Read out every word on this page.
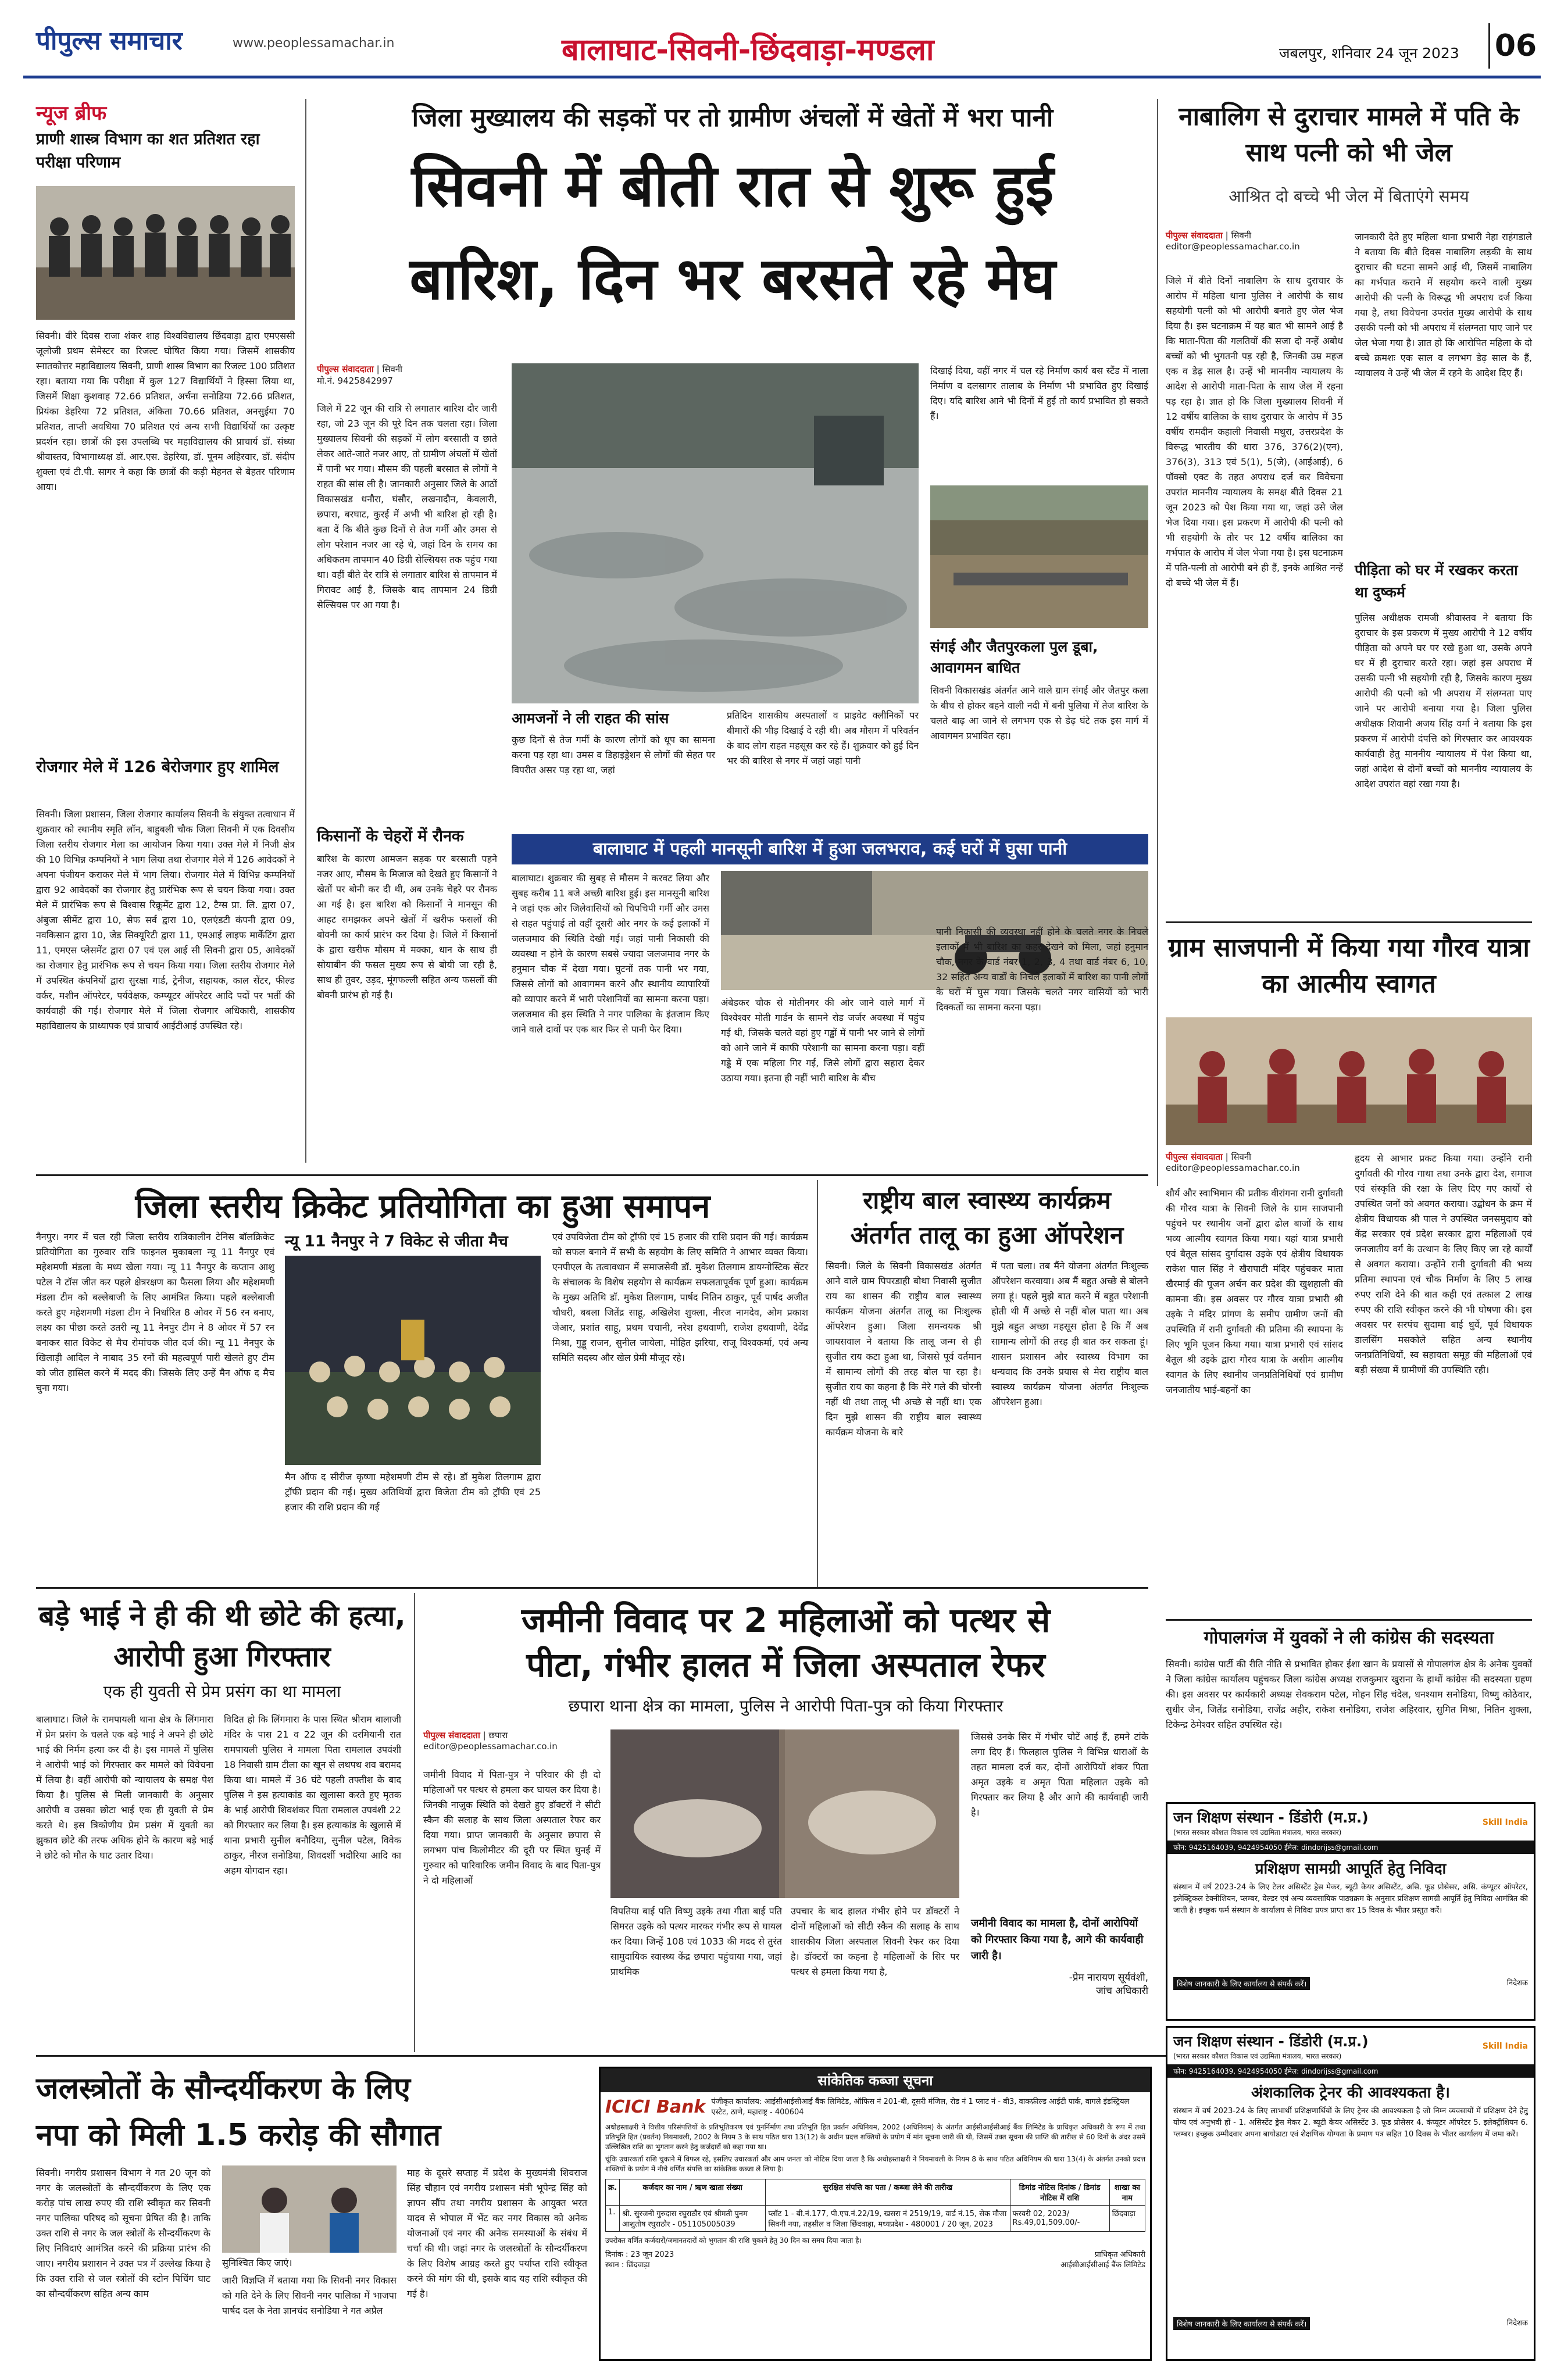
पीपुल्स समाचार	www.peoplessamachar.in	बालाघाट-सिवनी-छिंदवाड़ा-मण्डला	जबलपुर, शनिवार 24 जून 2023 06
न्यूज ब्रीफ
प्राणी शास्त्र विभाग का शत प्रतिशत रहा परीक्षा परिणाम
सिवनी। वीरे दिवस राजा शंकर शाह विश्वविद्यालय छिंदवाड़ा द्वारा एमएससी जूलोजी प्रथम सेमेस्टर का रिजल्ट घोषित किया गया। जिसमें शासकीय स्नातकोत्तर महाविद्यालय सिवनी, प्राणी शास्त्र विभाग का रिजल्ट 100 प्रतिशत रहा। बताया गया कि परीक्षा में कुल 127 विद्यार्थियों ने हिस्सा लिया था, जिसमें शिक्षा कुशवाह 72.66 प्रतिशत, अर्चना सनोडिया 72.66 प्रतिशत, प्रियंका डेहरिया 72 प्रतिशत, अंकिता 70.66 प्रतिशत, अनसुईया 70 प्रतिशत, ताप्ती अवधिया 70 प्रतिशत एवं अन्य सभी विद्यार्थियों का उत्कृष्ट प्रदर्शन रहा। छात्रों की इस उपलब्धि पर महाविद्यालय की प्राचार्य डॉ. संध्या श्रीवास्तव, विभागाध्यक्ष डॉ. आर.एस. डेहरिया, डॉ. पूनम अहिरवार, डॉ. संदीप शुक्ला एवं टी.पी. सागर ने कहा कि छात्रों की कड़ी मेहनत से बेहतर परिणाम आया।
रोजगार मेले में 126 बेरोजगार हुए शामिल
सिवनी। जिला प्रशासन, जिला रोजगार कार्यालय सिवनी के संयुक्त तत्वाधान में शुक्रवार को स्थानीय स्मृति लॉन, बाहुबली चौक जिला सिवनी में एक दिवसीय जिला स्तरीय रोजगार मेला का आयोजन किया गया। उक्त मेले में निजी क्षेत्र की 10 विभिन्न कम्पनियों ने भाग लिया तथा रोजगार मेले में 126 आवेदकों ने अपना पंजीयन कराकर मेले में भाग लिया। रोजगार मेले में विभिन्न कम्पनियों द्वारा 92 आवेदकों का रोजगार हेतु प्रारंभिक रूप से चयन किया गया। उक्त मेले में प्रारंभिक रूप से विश्वास रिक्रूमेंट द्वारा 12, टैग्स प्रा. लि. द्वारा 07, अंबुजा सीमेंट द्वारा 10, सेफ सर्व द्वारा 10, एलएंडटी कंपनी द्वारा 09, नवकिसान द्वारा 10, जेड सिक्यूरिटी द्वारा 11, एमआई लाइफ मार्केटिंग द्वारा 11, एमएस प्लेसमेंट द्वारा 07 एवं एल आई सी सिवनी द्वारा 05, आवेदकों का रोजगार हेतु प्रारंभिक रूप से चयन किया गया। जिला स्तरीय रोजगार मेले में उपस्थित कंपनियों द्वारा सुरक्षा गार्ड, ट्रेनीज, सहायक, काल सेंटर, फील्ड वर्कर, मशीन ऑपरेटर, पर्यवेक्षक, कम्प्यूटर ऑपरेटर आदि पदों पर भर्ती की कार्यवाही की गई। रोजगार मेले में जिला रोजगार अधिकारी, शासकीय महाविद्यालय के प्राध्यापक एवं प्राचार्य आईटीआई उपस्थित रहे।
जिला मुख्यालय की सड़कों पर तो ग्रामीण अंचलों में खेतों में भरा पानी
सिवनी में बीती रात से शुरू हुई
बारिश, दिन भर बरसते रहे मेघ
पीपुल्स संवाददाता | सिवनी
मो.नं. 9425842997
जिले में 22 जून की रात्रि से लगातार बारिश दौर जारी रहा, जो 23 जून की पूरे दिन तक चलता रहा। जिला मुख्यालय सिवनी की सड़कों में लोग बरसाती व छाते लेकर आते-जाते नजर आए, तो ग्रामीण अंचलों में खेतों में पानी भर गया। मौसम की पहली बरसात से लोगों ने राहत की सांस ली है। जानकारी अनुसार जिले के आठों विकासखंड धनौरा, घंसौर, लखनादौन, केवलारी, छपारा, बरघाट, कुरई में अभी भी बारिश हो रही है। बता दें कि बीते कुछ दिनों से तेज गर्मी और उमस से लोग परेशान नजर आ रहे थे, जहां दिन के समय का अधिकतम तापमान 40 डिग्री सेल्सियस तक पहुंच गया था। वहीं बीते देर रात्रि से लगातार बारिश से तापमान में गिरावट आई है, जिसके बाद तापमान 24 डिग्री सेल्सियस पर आ गया है।
किसानों के चेहरों में रौनक
बारिश के कारण आमजन सड़क पर बरसाती पहने नजर आए, मौसम के मिजाज को देखते हुए किसानों ने खेतों पर बोनी कर दी थी, अब उनके चेहरे पर रौनक आ गई है। इस बारिश को किसानों ने मानसून की आहट समझकर अपने खेतों में खरीफ फसलों की बोवनी का कार्य प्रारंभ कर दिया है। जिले में किसानों के द्वारा खरीफ मौसम में मक्का, धान के साथ ही सोयाबीन की फसल मुख्य रूप से बोयी जा रही है, साथ ही तुवर, उड़द, मूंगफल्ली सहित अन्य फसलों की बोवनी प्रारंभ हो गई है।
आमजनों ने ली राहत की सांस
कुछ दिनों से तेज गर्मी के कारण लोगों को धूप का सामना करना पड़ रहा था। उमस व डिहाइड्रेशन से लोगों की सेहत पर विपरीत असर पड़ रहा था, जहां
प्रतिदिन शासकीय अस्पतालों व प्राइवेट क्लीनिकों पर बीमारों की भीड़ दिखाई दे रही थी। अब मौसम में परिवर्तन के बाद लोग राहत महसूस कर रहे हैं। शुक्रवार को हुई दिन भर की बारिश से नगर में जहां जहां पानी
दिखाई दिया, वहीं नगर में चल रहे निर्माण कार्य बस स्टैंड में नाला निर्माण व दलसागर तालाब के निर्माण भी प्रभावित हुए दिखाई दिए। यदि बारिश आने भी दिनों में हुई तो कार्य प्रभावित हो सकते हैं।
संगई और जैतपुरकला पुल डूबा, आवागमन बाधित
सिवनी विकासखंड अंतर्गत आने वाले ग्राम संगई और जैतपुर कला के बीच से होकर बहने वाली नदी में बनी पुलिया में तेज बारिश के चलते बाढ़ आ जाने से लगभग एक से डेढ़ घंटे तक इस मार्ग में आवागमन प्रभावित रहा।
बालाघाट में पहली मानसूनी बारिश में हुआ जलभराव, कई घरों में घुसा पानी
बालाघाट। शुक्रवार की सुबह से मौसम ने करवट लिया और सुबह करीब 11 बजे अच्छी बारिश हुई। इस मानसूनी बारिश ने जहां एक ओर जिलेवासियों को चिपचिपी गर्मी और उमस से राहत पहुंचाई तो वहीं दूसरी ओर नगर के कई इलाकों में जलजमाव की स्थिति देखी गई। जहां पानी निकासी की व्यवस्था न होने के कारण सबसे ज्यादा जलजमाव नगर के हनुमान चौक में देखा गया। घुटनों तक पानी भर गया, जिससे लोगों को आवागमन करने और स्थानीय व्यापारियों को व्यापार करने में भारी परेशानियों का सामना करना पड़ा। जलजमाव की इस स्थिति ने नगर पालिका के इंतजाम किए जाने वाले दावों पर एक बार फिर से पानी फेर दिया।
अंबेडकर चौक से मोतीनगर की ओर जाने वाले मार्ग में विश्वेश्वर मोती गार्डन के सामने रोड जर्जर अवस्था में पहुंच गई थी, जिसके चलते वहां हुए गड्ढों में पानी भर जाने से लोगों को आने जाने में काफी परेशानी का सामना करना पड़ा। वहीं गड्ढे में एक महिला गिर गई, जिसे लोगों द्वारा सहारा देकर उठाया गया। इतना ही नहीं भारी बारिश के बीच
पानी निकासी की व्यवस्था नहीं होने के चलते नगर के निचले इलाकों में भी बारिश का कहर देखने को मिला, जहां हनुमान चौक, नगर के वार्ड नंबर 1, 2, 3, 4 तथा वार्ड नंबर 6, 10, 32 सहित अन्य वार्डों के निचले इलाकों में बारिश का पानी लोगों के घरों में घुस गया। जिसके चलते नगर वासियों को भारी दिक्कतों का सामना करना पड़ा।
नाबालिग से दुराचार मामले में पति के साथ पत्नी को भी जेल
आश्रित दो बच्चे भी जेल में बिताएंगे समय
पीपुल्स संवाददाता | सिवनी
editor@peoplessamachar.co.in
जिले में बीते दिनों नाबालिग के साथ दुराचार के आरोप में महिला थाना पुलिस ने आरोपी के साथ सहयोगी पत्नी को भी आरोपी बनाते हुए जेल भेज दिया है। इस घटनाक्रम में यह बात भी सामने आई है कि माता-पिता की गलतियों की सजा दो नन्हें अबोध बच्चों को भी भुगतनी पड़ रही है, जिनकी उम्र महज एक व डेढ़ साल है। उन्हें भी माननीय न्यायालय के आदेश से आरोपी माता-पिता के साथ जेल में रहना पड़ रहा है। ज्ञात हो कि जिला मुख्यालय सिवनी में 12 वर्षीय बालिका के साथ दुराचार के आरोप में 35 वर्षीय रामदीन कहाली निवासी मथुरा, उत्तरप्रदेश के विरूद्ध भारतीय की धारा 376, 376(2)(एन), 376(3), 313 एवं 5(1), 5(जे), (आईआई), 6 पॉक्सो एक्ट के तहत अपराध दर्ज कर विवेचना उपरांत माननीय न्यायालय के समक्ष बीते दिवस 21 जून 2023 को पेश किया गया था, जहां उसे जेल भेज दिया गया। इस प्रकरण में आरोपी की पत्नी को भी सहयोगी के तौर पर 12 वर्षीय बालिका का गर्भपात के आरोप में जेल भेजा गया है। इस घटनाक्रम में पति-पत्नी तो आरोपी बने ही हैं, इनके आश्रित नन्हें दो बच्चे भी जेल में हैं।
जानकारी देते हुए महिला थाना प्रभारी नेहा राहंगडाले ने बताया कि बीते दिवस नाबालिग लड़की के साथ दुराचार की घटना सामने आई थी, जिसमें नाबालिग का गर्भपात कराने में सहयोग करने वाली मुख्य आरोपी की पत्नी के विरूद्ध भी अपराध दर्ज किया गया है, तथा विवेचना उपरांत मुख्य आरोपी के साथ उसकी पत्नी को भी अपराध में संलग्नता पाए जाने पर जेल भेजा गया है। ज्ञात हो कि आरोपित महिला के दो बच्चे क्रमशः एक साल व लगभग डेढ़ साल के हैं, न्यायालय ने उन्हें भी जेल में रहने के आदेश दिए हैं।
पीड़िता को घर में रखकर करता था दुष्कर्म
पुलिस अधीक्षक रामजी श्रीवास्तव ने बताया कि दुराचार के इस प्रकरण में मुख्य आरोपी ने 12 वर्षीय पीड़िता को अपने घर पर रखे हुआ था, उसके अपने घर में ही दुराचार करते रहा। जहां इस अपराध में उसकी पत्नी भी सहयोगी रही है, जिसके कारण मुख्य आरोपी की पत्नी को भी अपराध में संलग्नता पाए जाने पर आरोपी बनाया गया है। जिला पुलिस अधीक्षक शिवानी अजय सिंह वर्मा ने बताया कि इस प्रकरण में आरोपी दंपत्ति को गिरफ्तार कर आवश्यक कार्यवाही हेतु माननीय न्यायालय में पेश किया था, जहां आदेश से दोनों बच्चों को माननीय न्यायालय के आदेश उपरांत वहां रखा गया है।
ग्राम साजपानी में किया गया गौरव यात्रा का आत्मीय स्वागत
पीपुल्स संवाददाता | सिवनी
editor@peoplessamachar.co.in
शौर्य और स्वाभिमान की प्रतीक वीरांगना रानी दुर्गावती की गौरव यात्रा के सिवनी जिले के ग्राम साजपानी पहुंचने पर स्थानीय जनों द्वारा ढोल बाजों के साथ भव्य आत्मीय स्वागत किया गया। यहां यात्रा प्रभारी एवं बैतूल सांसद दुर्गादास उइके एवं क्षेत्रीय विधायक राकेश पाल सिंह ने खैरापाटी मंदिर पहुंचकर माता खैरमाई की पूजन अर्चन कर प्रदेश की खुशहाली की कामना की। इस अवसर पर गौरव यात्रा प्रभारी श्री उइके ने मंदिर प्रांगण के समीप ग्रामीण जनों की उपस्थिति में रानी दुर्गावती की प्रतिमा की स्थापना के लिए भूमि पूजन किया गया। यात्रा प्रभारी एवं सांसद बैतूल श्री उइके द्वारा गौरव यात्रा के असीम आत्मीय स्वागत के लिए स्थानीय जनप्रतिनिधियों एवं ग्रामीण जनजातीय भाई-बहनों का
हृदय से आभार प्रकट किया गया। उन्होंने रानी दुर्गावती की गौरव गाथा तथा उनके द्वारा देश, समाज एवं संस्कृति की रक्षा के लिए दिए गए कार्यों से उपस्थित जनों को अवगत कराया। उद्बोधन के क्रम में क्षेत्रीय विधायक श्री पाल ने उपस्थित जनसमुदाय को केंद्र सरकार एवं प्रदेश सरकार द्वारा महिलाओं एवं जनजातीय वर्ग के उत्थान के लिए किए जा रहे कार्यों से अवगत कराया। उन्होंने रानी दुर्गावती की भव्य प्रतिमा स्थापना एवं चौक निर्माण के लिए 5 लाख रुपए राशि देने की बात कही एवं तत्काल 2 लाख रुपए की राशि स्वीकृत करने की भी घोषणा की। इस अवसर पर सरपंच सुदामा बाई धुर्वे, पूर्व विधायक डालसिंग मसकोले सहित अन्य स्थानीय जनप्रतिनिधियों, स्व सहायता समूह की महिलाओं एवं बड़ी संख्या में ग्रामीणों की उपस्थिति रही।
गोपालगंज में युवकों ने ली कांग्रेस की सदस्यता
सिवनी। कांग्रेस पार्टी की रीति नीति से प्रभावित होकर ईशा खान के प्रयासों से गोपालगंज क्षेत्र के अनेक युवकों ने जिला कांग्रेस कार्यालय पहुंचकर जिला कांग्रेस अध्यक्ष राजकुमार खुराना के हाथों कांग्रेस की सदस्यता ग्रहण की। इस अवसर पर कार्यकारी अध्यक्ष सेवकराम पटेल, मोहन सिंह चंदेल, धनश्याम सनोडिया, विष्णु कोठेवार, सुधीर जैन, जितेंद्र सनोडिया, राजेंद्र अहीर, राकेश सनोडिया, राजेश अहिरवार, सुमित मिश्रा, नितिन शुक्ला, टिकेन्द्र ठेमेश्वर सहित उपस्थित रहे।
जिला स्तरीय क्रिकेट प्रतियोगिता का हुआ समापन
नैनपुर। नगर में चल रही जिला स्तरीय रात्रिकालीन टेनिस बॉलक्रिकेट प्रतियोगिता का गुरुवार रात्रि फाइनल मुकाबला न्यू 11 नैनपुर एवं महेशमणी मंडला के मध्य खेला गया। न्यू 11 नैनपुर के कप्तान आशु पटेल ने टॉस जीत कर पहले क्षेत्ररक्षण का फैसला लिया और महेशमणी मंडला टीम को बल्लेबाजी के लिए आमंत्रित किया। पहले बल्लेबाजी करते हुए महेशमणी मंडला टीम ने निर्धारित 8 ओवर में 56 रन बनाए, लक्ष्य का पीछा करते उतरी न्यू 11 नैनपुर टीम ने 8 ओवर में 57 रन बनाकर सात विकेट से मैच रोमांचक जीत दर्ज की। न्यू 11 नैनपुर के खिलाड़ी आदिल ने नाबाद 35 रनों की महत्वपूर्ण पारी खेलते हुए टीम को जीत हासिल करने में मदद की। जिसके लिए उन्हें मैन ऑफ द मैच चुना गया।
न्यू 11 नैनपुर ने 7 विकेट से जीता मैच
मैन ऑफ द सीरीज कृष्णा महेशमणी टीम से रहे। डॉ मुकेश तिलगाम द्वारा ट्रॉफी प्रदान की गई। मुख्य अतिथियों द्वारा विजेता टीम को ट्रॉफी एवं 25 हजार की राशि प्रदान की गई
एवं उपविजेता टीम को ट्रॉफी एवं 15 हजार की राशि प्रदान की गई। कार्यक्रम को सफल बनाने में सभी के सहयोग के लिए समिति ने आभार व्यक्त किया। एनपीएल के तत्वावधान में समाजसेवी डॉ. मुकेश तिलगाम डायग्नोस्टिक सेंटर के संचालक के विशेष सहयोग से कार्यक्रम सफलतापूर्वक पूर्ण हुआ। कार्यक्रम के मुख्य अतिथि डॉ. मुकेश तिलगाम, पार्षद नितिन ठाकुर, पूर्व पार्षद अजीत चौधरी, बबला जितेंद्र साहू, अखिलेश शुक्ला, नीरज नामदेव, ओम प्रकाश जेआर, प्रशांत साहू, प्रथम चचानी, नरेश हथवाणी, राजेश हथवाणी, देवेंद्र मिश्रा, गुड्डू राजन, सुनील जायेला, मोहित झरिया, राजू विश्वकर्मा, एवं अन्य समिति सदस्य और खेल प्रेमी मौजूद रहे।
राष्ट्रीय बाल स्वास्थ्य कार्यक्रम
अंतर्गत तालू का हुआ ऑपरेशन
सिवनी। जिले के सिवनी विकासखंड अंतर्गत आने वाले ग्राम पिपरडाही बोथा निवासी सुजीत राय का शासन की राष्ट्रीय बाल स्वास्थ्य कार्यक्रम योजना अंतर्गत तालू का निःशुल्क ऑपरेशन हुआ। जिला समन्वयक श्री जायसवाल ने बताया कि तालू जन्म से ही सुजीत राय कटा हुआ था, जिससे पूर्व वर्तमान में सामान्य लोगों की तरह बोल पा रहा है। सुजीत राय का कहना है कि मेरे गले की चोरनी नहीं थी तथा तालू भी अच्छे से नहीं था। एक दिन मुझे शासन की राष्ट्रीय बाल स्वास्थ्य कार्यक्रम योजना के बारे
में पता चला। तब मैंने योजना अंतर्गत निःशुल्क ऑपरेशन करवाया। अब मैं बहुत अच्छे से बोलने लगा हूं। पहले मुझे बात करने में बहुत परेशानी होती थी मैं अच्छे से नहीं बोल पाता था। अब मुझे बहुत अच्छा महसूस होता है कि मैं अब सामान्य लोगों की तरह ही बात कर सकता हूं। शासन प्रशासन और स्वास्थ्य विभाग का धन्यवाद कि उनके प्रयास से मेरा राष्ट्रीय बाल स्वास्थ्य कार्यक्रम योजना अंतर्गत निःशुल्क ऑपरेशन हुआ।
बड़े भाई ने ही की थी छोटे की हत्या, आरोपी हुआ गिरफ्तार
एक ही युवती से प्रेम प्रसंग का था मामला
बालाघाट। जिले के रामपायली थाना क्षेत्र के लिंगमारा में प्रेम प्रसंग के चलते एक बड़े भाई ने अपने ही छोटे भाई की निर्मम हत्या कर दी है। इस मामले में पुलिस ने आरोपी भाई को गिरफ्तार कर मामले को विवेचना में लिया है। वहीं आरोपी को न्यायालय के समक्ष पेश किया है। पुलिस से मिली जानकारी के अनुसार आरोपी व उसका छोटा भाई एक ही युवती से प्रेम करते थे। इस त्रिकोणीय प्रेम प्रसंग में युवती का झुकाव छोटे की तरफ अधिक होने के कारण बड़े भाई ने छोटे को मौत के घाट उतार दिया।
विदित हो कि लिंगमारा के पास स्थित श्रीराम बालाजी मंदिर के पास 21 व 22 जून की दरमियानी रात रामपायली पुलिस ने मामला पिता रामलाल उपवंशी 18 निवासी ग्राम टीला का खून से लथपथ शव बरामद किया था। मामले में 36 घंटे पहली तफ्तीश के बाद पुलिस ने इस हत्याकांड का खुलासा करते हुए मृतक के भाई आरोपी शिवशंकर पिता रामलाल उपवंशी 22 को गिरफ्तार कर लिया है। इस हत्याकांड के खुलासे में थाना प्रभारी सुनील बनौदिया, सुनील पटेल, विवेक ठाकुर, नीरज सनोडिया, शिवदर्शी भदौरिया आदि का अहम योगदान रहा।
जमीनी विवाद पर 2 महिलाओं को पत्थर से
पीटा, गंभीर हालत में जिला अस्पताल रेफर
छपारा थाना क्षेत्र का मामला, पुलिस ने आरोपी पिता-पुत्र को किया गिरफ्तार
पीपुल्स संवाददाता | छपारा
editor@peoplessamachar.co.in
जमीनी विवाद में पिता-पुत्र ने परिवार की ही दो महिलाओं पर पत्थर से हमला कर घायल कर दिया है। जिनकी नाजुक स्थिति को देखते हुए डॉक्टरों ने सीटी स्कैन की सलाह के साथ जिला अस्पताल रेफर कर दिया गया। प्राप्त जानकारी के अनुसार छपारा से लगभग पांच किलोमीटर की दूरी पर स्थित घुनई में गुरुवार को पारिवारिक जमीन विवाद के बाद पिता-पुत्र ने दो महिलाओं
विपतिया बाई पति विष्णु उइके तथा गीता बाई पति सिमरत उइके को पत्थर मारकर गंभीर रूप से घायल कर दिया। जिन्हें 108 एवं 1033 की मदद से तुरंत सामुदायिक स्वास्थ्य केंद्र छपारा पहुंचाया गया, जहां प्राथमिक
उपचार के बाद हालत गंभीर होने पर डॉक्टरों ने दोनों महिलाओं को सीटी स्कैन की सलाह के साथ शासकीय जिला अस्पताल सिवनी रेफर कर दिया है। डॉक्टरों का कहना है महिलाओं के सिर पर पत्थर से हमला किया गया है,
जिससे उनके सिर में गंभीर चोटें आई हैं, हमने टांके लगा दिए हैं। फिलहाल पुलिस ने विभिन्न धाराओं के तहत मामला दर्ज कर, दोनों आरोपियों शंकर पिता अमृत उइके व अमृत पिता महिलात उइके को गिरफ्तार कर लिया है और आगे की कार्यवाही जारी है।
जमीनी विवाद का मामला है, दोनों आरोपियों को गिरफ्तार किया गया है, आगे की कार्यवाही जारी है।
-प्रेम नारायण सूर्यवंशी,
जांच अधिकारी
जलस्त्रोतों के सौन्दर्यीकरण के लिए
नपा को मिली 1.5 करोड़ की सौगात
सिवनी। नगरीय प्रशासन विभाग ने गत 20 जून को नगर के जलस्त्रोतों के सौन्दर्यीकरण के लिए एक करोड़ पांच लाख रुपए की राशि स्वीकृत कर सिवनी नगर पालिका परिषद को सूचना प्रेषित की है। ताकि उक्त राशि से नगर के जल स्त्रोतों के सौन्दर्यीकरण के लिए निविदाएं आमंत्रित करने की प्रक्रिया प्रारंभ की जाए। नगरीय प्रशासन ने उक्त पत्र में उल्लेख किया है कि उक्त राशि से जल स्त्रोतों की स्टोन पिचिंग घाट का सौन्दर्यीकरण सहित अन्य काम
सुनिश्चित किए जाएं।
जारी विज्ञप्ति में बताया गया कि सिवनी नगर विकास को गति देने के लिए सिवनी नगर पालिका में भाजपा पार्षद दल के नेता ज्ञानचंद सनोडिया ने गत अप्रैल
माह के दूसरे सप्ताह में प्रदेश के मुख्यमंत्री शिवराज सिंह चौहान एवं नगरीय प्रशासन मंत्री भूपेन्द्र सिंह को ज्ञापन सौंप तथा नगरीय प्रशासन के आयुक्त भरत यादव से भोपाल में भेंट कर नगर विकास को अनेक योजनाओं एवं नगर की अनेक समस्याओं के संबंध में चर्चा की थी। जहां नगर के जलस्त्रोतों के सौन्दर्यीकरण के लिए विशेष आग्रह करते हुए पर्याप्त राशि स्वीकृत करने की मांग की थी, इसके बाद यह राशि स्वीकृत की गई है।
सांकेतिक कब्जा सूचना
ICICI Bank पंजीकृत कार्यालय: आईसीआईसीआई बैंक लिमिटेड, ऑफिस नं 201-बी, दूसरी मंजिल, रोड नं 1 प्लाट नं - बी3, वाकफ़ील्ड आईटी पार्क, वागले इंडस्ट्रियल एस्टेट, ठाणे, महाराष्ट्र - 400604
अधोहस्ताक्षरी ने वित्तीय परिसंपत्तियों के प्रतिभूतिकरण एवं पुनर्निर्माण तथा प्रतिभूति हित प्रवर्तन अधिनियम, 2002 (अधिनियम) के अंतर्गत आईसीआईसीआई बैंक लिमिटेड के प्राधिकृत अधिकारी के रूप में तथा प्रतिभूति हित (प्रवर्तन) नियमावली, 2002 के नियम 3 के साथ पठित धारा 13(12) के अधीन प्रदत्त शक्तियों के प्रयोग में मांग सूचना जारी की थी, जिसमें उक्त सूचना की प्राप्ति की तारीख से 60 दिनों के अंदर उसमें उल्लिखित राशि का भुगतान करने हेतु कर्जदारों को कहा गया था।
चूंकि उधारकर्ता राशि चुकाने में विफल रहे, इसलिए उधारकर्ता और आम जनता को नोटिस दिया जाता है कि अधोहस्ताक्षरी ने नियमावली के नियम 8 के साथ पठित अधिनियम की धारा 13(4) के अंतर्गत उनको प्रदत्त शक्तियों के प्रयोग में नीचे वर्णित संपत्ति का सांकेतिक कब्जा ले लिया है।
क्र.	कर्जदार का नाम / ऋण खाता संख्या	सुरक्षित संपत्ति का पता / कब्जा लेने की तारीख	डिमांड नोटिस दिनांक / डिमांड नोटिस में राशि	शाखा का नाम
1.	श्री. सुरजनी गुरुदास रघुराठौर एवं श्रीमती पुनम आशुतोष रघुराठौर - 051105005039	प्लॉट 1 - बी.नं.177, पी.एच.नं.22/19, खसरा नं 2519/19, वार्ड नं.15, सेक मौजा सिवनी नया, तहसील व जिला छिंदवाड़ा, मध्यप्रदेश - 480001 / 20 जून, 2023	फरवरी 02, 2023/ Rs.49,01,509.00/-	छिंदवाड़ा
उपरोक्त वर्णित कर्जदारों/जमानतदारों को भुगतान की राशि चुकाने हेतु 30 दिन का समय दिया जाता है।
दिनांक : 23 जून 2023
स्थान : छिंदवाड़ा
प्राधिकृत अधिकारी
आईसीआईसीआई बैंक लिमिटेड
जन शिक्षण संस्थान - डिंडोरी (म.प्र.)
(भारत सरकार कौशल विकास एवं उद्यमिता मंत्रालय, भारत सरकार)
Skill India
फोन: 9425164039, 9424954050 ईमेल: dindorijss@gmail.com
प्रशिक्षण सामग्री आपूर्ति हेतु निविदा
संस्थान में वर्ष 2023-24 के लिए टेलर असिस्टेंट ड्रेस मेकर, ब्यूटी केयर असिस्टेंट, असि. फूड प्रोसेसर, असि. कंप्यूटर ऑपरेटर, इलेक्ट्रिकल टेक्नीशियन, प्लम्बर, वेल्डर एवं अन्य व्यवसायिक पाठ्यक्रम के अनुसार प्रशिक्षण सामग्री आपूर्ति हेतु निविदा आमंत्रित की जाती है। इच्छुक फर्म संस्थान के कार्यालय से निविदा प्रपत्र प्राप्त कर 15 दिवस के भीतर प्रस्तुत करें।
विशेष जानकारी के लिए कार्यालय से संपर्क करें।	निदेशक
जन शिक्षण संस्थान - डिंडोरी (म.प्र.)
(भारत सरकार कौशल विकास एवं उद्यमिता मंत्रालय, भारत सरकार)
Skill India
फोन: 9425164039, 9424954050 ईमेल: dindorijss@gmail.com
अंशकालिक ट्रेनर की आवश्यकता है।
संस्थान में वर्ष 2023-24 के लिए लाभार्थी प्रशिक्षणार्थियों के लिए ट्रेनर की आवश्यकता है जो निम्न व्यवसायों में प्रशिक्षण देने हेतु योग्य एवं अनुभवी हों - 1. असिस्टेंट ड्रेस मेकर 2. ब्यूटी केयर असिस्टेंट 3. फूड प्रोसेसर 4. कंप्यूटर ऑपरेटर 5. इलेक्ट्रीशियन 6. प्लम्बर। इच्छुक उम्मीदवार अपना बायोडाटा एवं शैक्षणिक योग्यता के प्रमाण पत्र सहित 10 दिवस के भीतर कार्यालय में जमा करें।
विशेष जानकारी के लिए कार्यालय से संपर्क करें।	निदेशक
